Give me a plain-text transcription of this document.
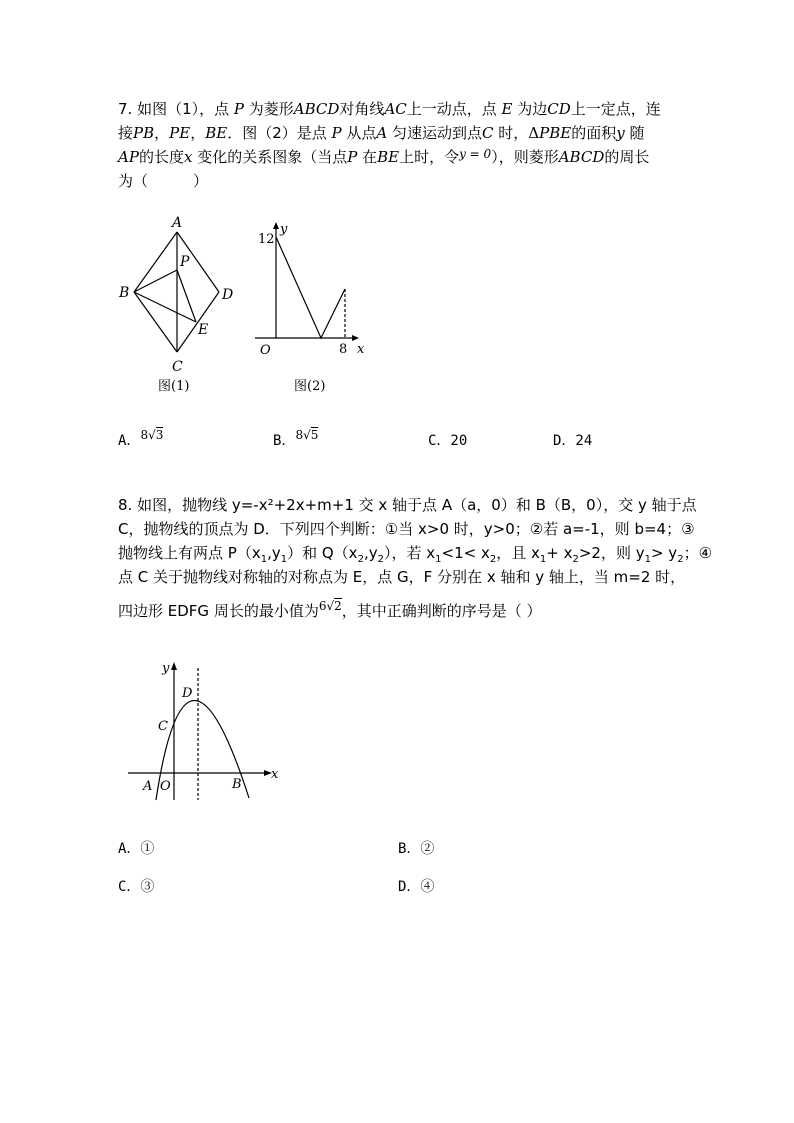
7. 如图（1），点 P 为菱形ABCD对角线AC上一动点，点 E 为边CD上一定点，连
接PB，PE，BE．图（2）是点 P 从点A 匀速运动到点C 时，ΔPBE的面积y 随
AP的长度x 变化的关系图象（当点P 在BE上时，令$^{y = 0}$），则菱形ABCD的周长
为（　　　）
A
B
C
D
P
E
图(1)
y
x
O
12
8
图(2)
A．8√3	B．8√5	C．20	D．24
8. 如图，抛物线 y=-x²+2x+m+1 交 x 轴于点 A（a，0）和 B（B，0），交 y 轴于点
C，抛物线的顶点为 D．下列四个判断：①当 x>0 时，y>0；②若 a=-1，则 b=4；③
抛物线上有两点 $P(x_1,y_1)$和 $Q(x_2,y_2)$，若 $x_1<1< x_2$，且 $x_1+ x_2>2$，则 $y_1> y_2$；④
点 C 关于抛物线对称轴的对称点为 E，点 G，F 分别在 x 轴和 y 轴上，当 m=2 时，
四边形 EDFG 周长的最小值为$^{6√2}$，其中正确判断的序号是（ ）
y
x
O
A	B
C
D
A．①	B．②
C．③	D．④
